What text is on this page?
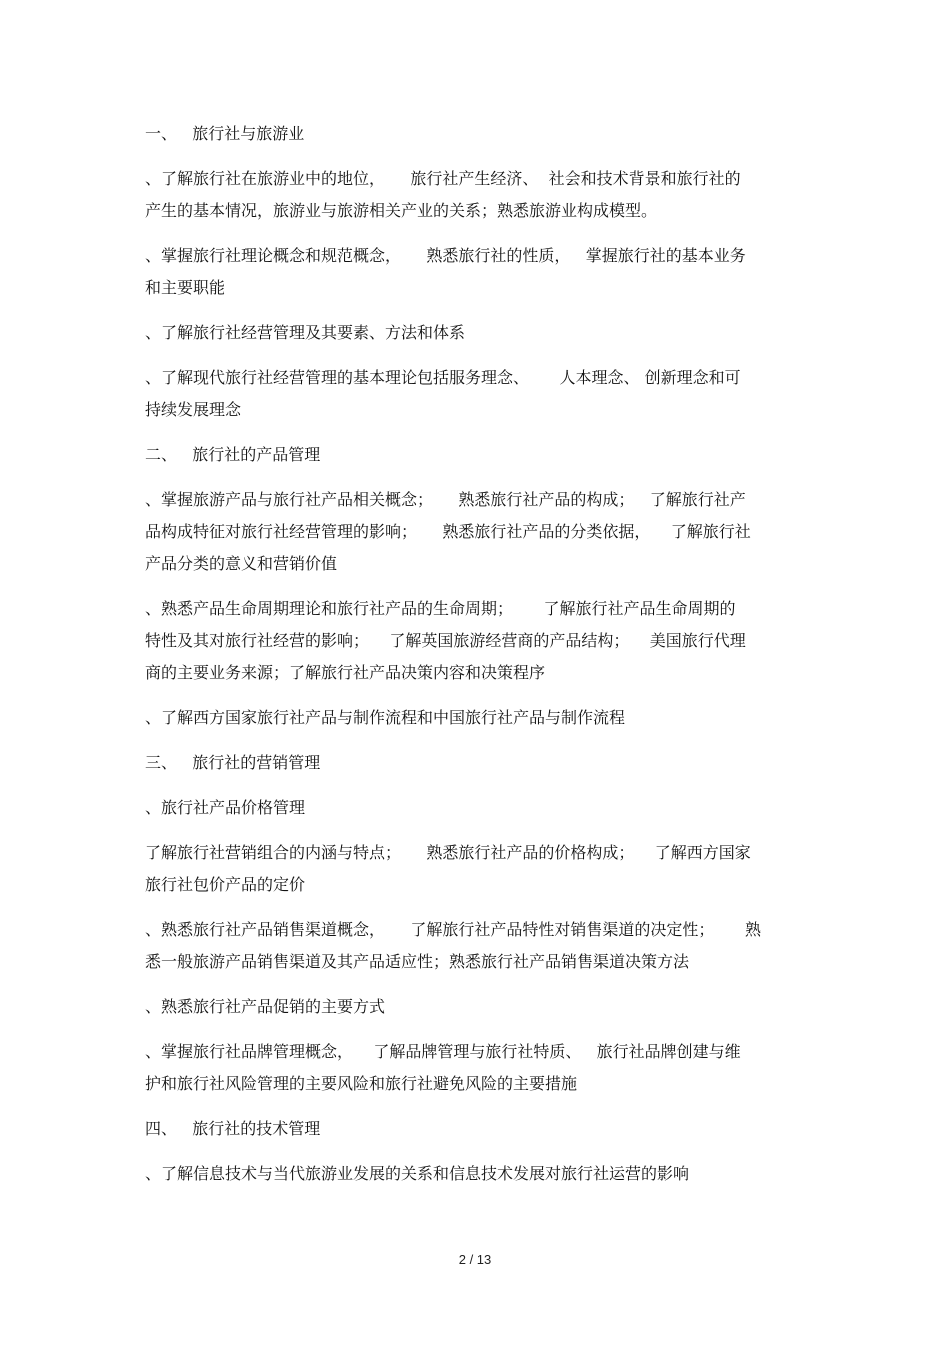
一、   旅行社与旅游业

、了解旅行社在旅游业中的地位，     旅行社产生经济、  社会和技术背景和旅行社的

产生的基本情况，旅游业与旅游相关产业的关系；熟悉旅游业构成模型。

、掌握旅行社理论概念和规范概念，     熟悉旅行社的性质，   掌握旅行社的基本业务

和主要职能

、了解旅行社经营管理及其要素、方法和体系

、了解现代旅行社经营管理的基本理论包括服务理念、      人本理念、 创新理念和可

持续发展理念

二、   旅行社的产品管理

、掌握旅游产品与旅行社产品相关概念；     熟悉旅行社产品的构成；   了解旅行社产

品构成特征对旅行社经营管理的影响；     熟悉旅行社产品的分类依据，    了解旅行社

产品分类的意义和营销价值

、熟悉产品生命周期理论和旅行社产品的生命周期；      了解旅行社产品生命周期的

特性及其对旅行社经营的影响；    了解英国旅游经营商的产品结构；    美国旅行代理

商的主要业务来源；了解旅行社产品决策内容和决策程序

、了解西方国家旅行社产品与制作流程和中国旅行社产品与制作流程

三、   旅行社的营销管理

、旅行社产品价格管理

了解旅行社营销组合的内涵与特点；     熟悉旅行社产品的价格构成；    了解西方国家

旅行社包价产品的定价

、熟悉旅行社产品销售渠道概念，     了解旅行社产品特性对销售渠道的决定性；      熟

悉一般旅游产品销售渠道及其产品适应性；熟悉旅行社产品销售渠道决策方法

、熟悉旅行社产品促销的主要方式

、掌握旅行社品牌管理概念，    了解品牌管理与旅行社特质、   旅行社品牌创建与维

护和旅行社风险管理的主要风险和旅行社避免风险的主要措施

四、   旅行社的技术管理

、了解信息技术与当代旅游业发展的关系和信息技术发展对旅行社运营的影响

2 / 13
